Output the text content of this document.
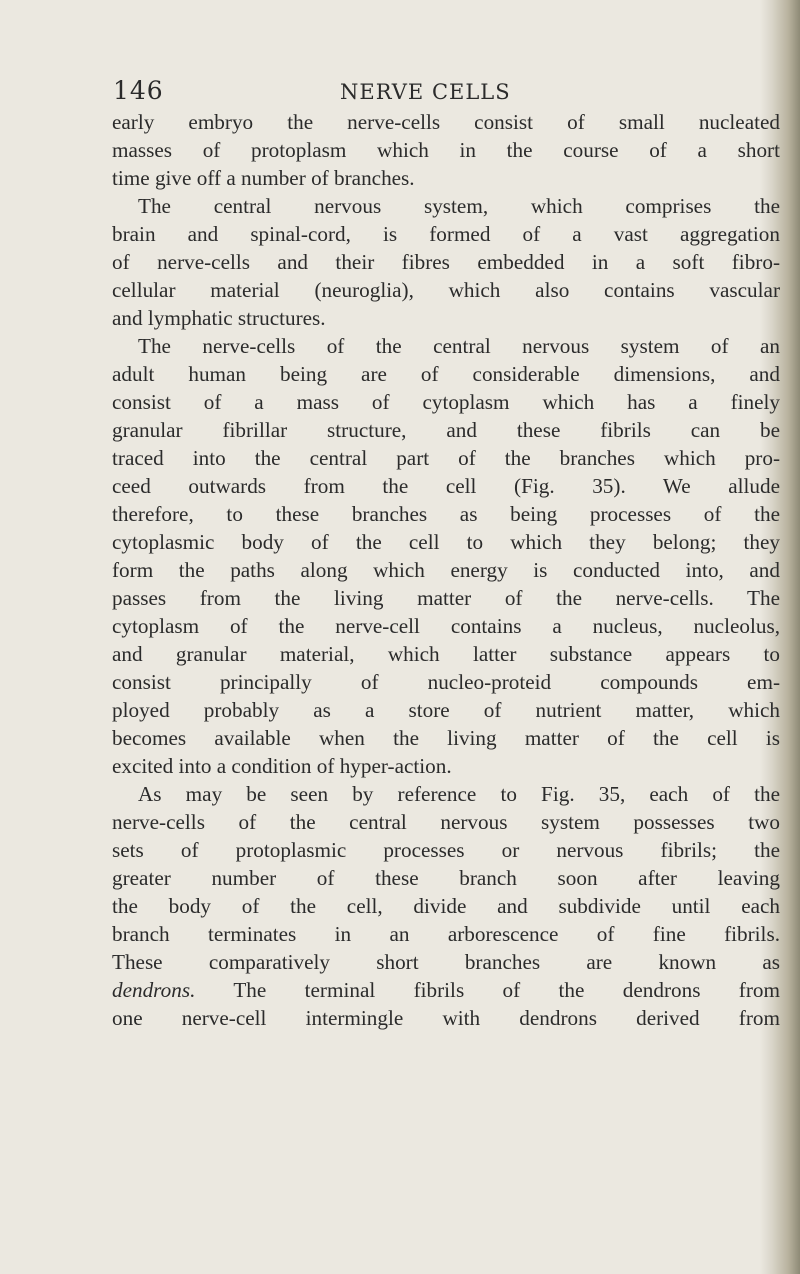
146	NERVE CELLS
early embryo the nerve-cells consist of small nucleated
masses of protoplasm which in the course of a short
time give off a number of branches.
The central nervous system, which comprises the
brain and spinal-cord, is formed of a vast aggregation
of nerve-cells and their fibres embedded in a soft fibro-
cellular material (neuroglia), which also contains vascular
and lymphatic structures.
The nerve-cells of the central nervous system of an
adult human being are of considerable dimensions, and
consist of a mass of cytoplasm which has a finely
granular fibrillar structure, and these fibrils can be
traced into the central part of the branches which pro-
ceed outwards from the cell (Fig. 35). We allude
therefore, to these branches as being processes of the
cytoplasmic body of the cell to which they belong; they
form the paths along which energy is conducted into, and
passes from the living matter of the nerve-cells. The
cytoplasm of the nerve-cell contains a nucleus, nucleolus,
and granular material, which latter substance appears to
consist principally of nucleo-proteid compounds em-
ployed probably as a store of nutrient matter, which
becomes available when the living matter of the cell is
excited into a condition of hyper-action.
As may be seen by reference to Fig. 35, each of the
nerve-cells of the central nervous system possesses two
sets of protoplasmic processes or nervous fibrils; the
greater number of these branch soon after leaving
the body of the cell, divide and subdivide until each
branch terminates in an arborescence of fine fibrils.
These comparatively short branches are known as
dendrons. The terminal fibrils of the dendrons from
one nerve-cell intermingle with dendrons derived from
